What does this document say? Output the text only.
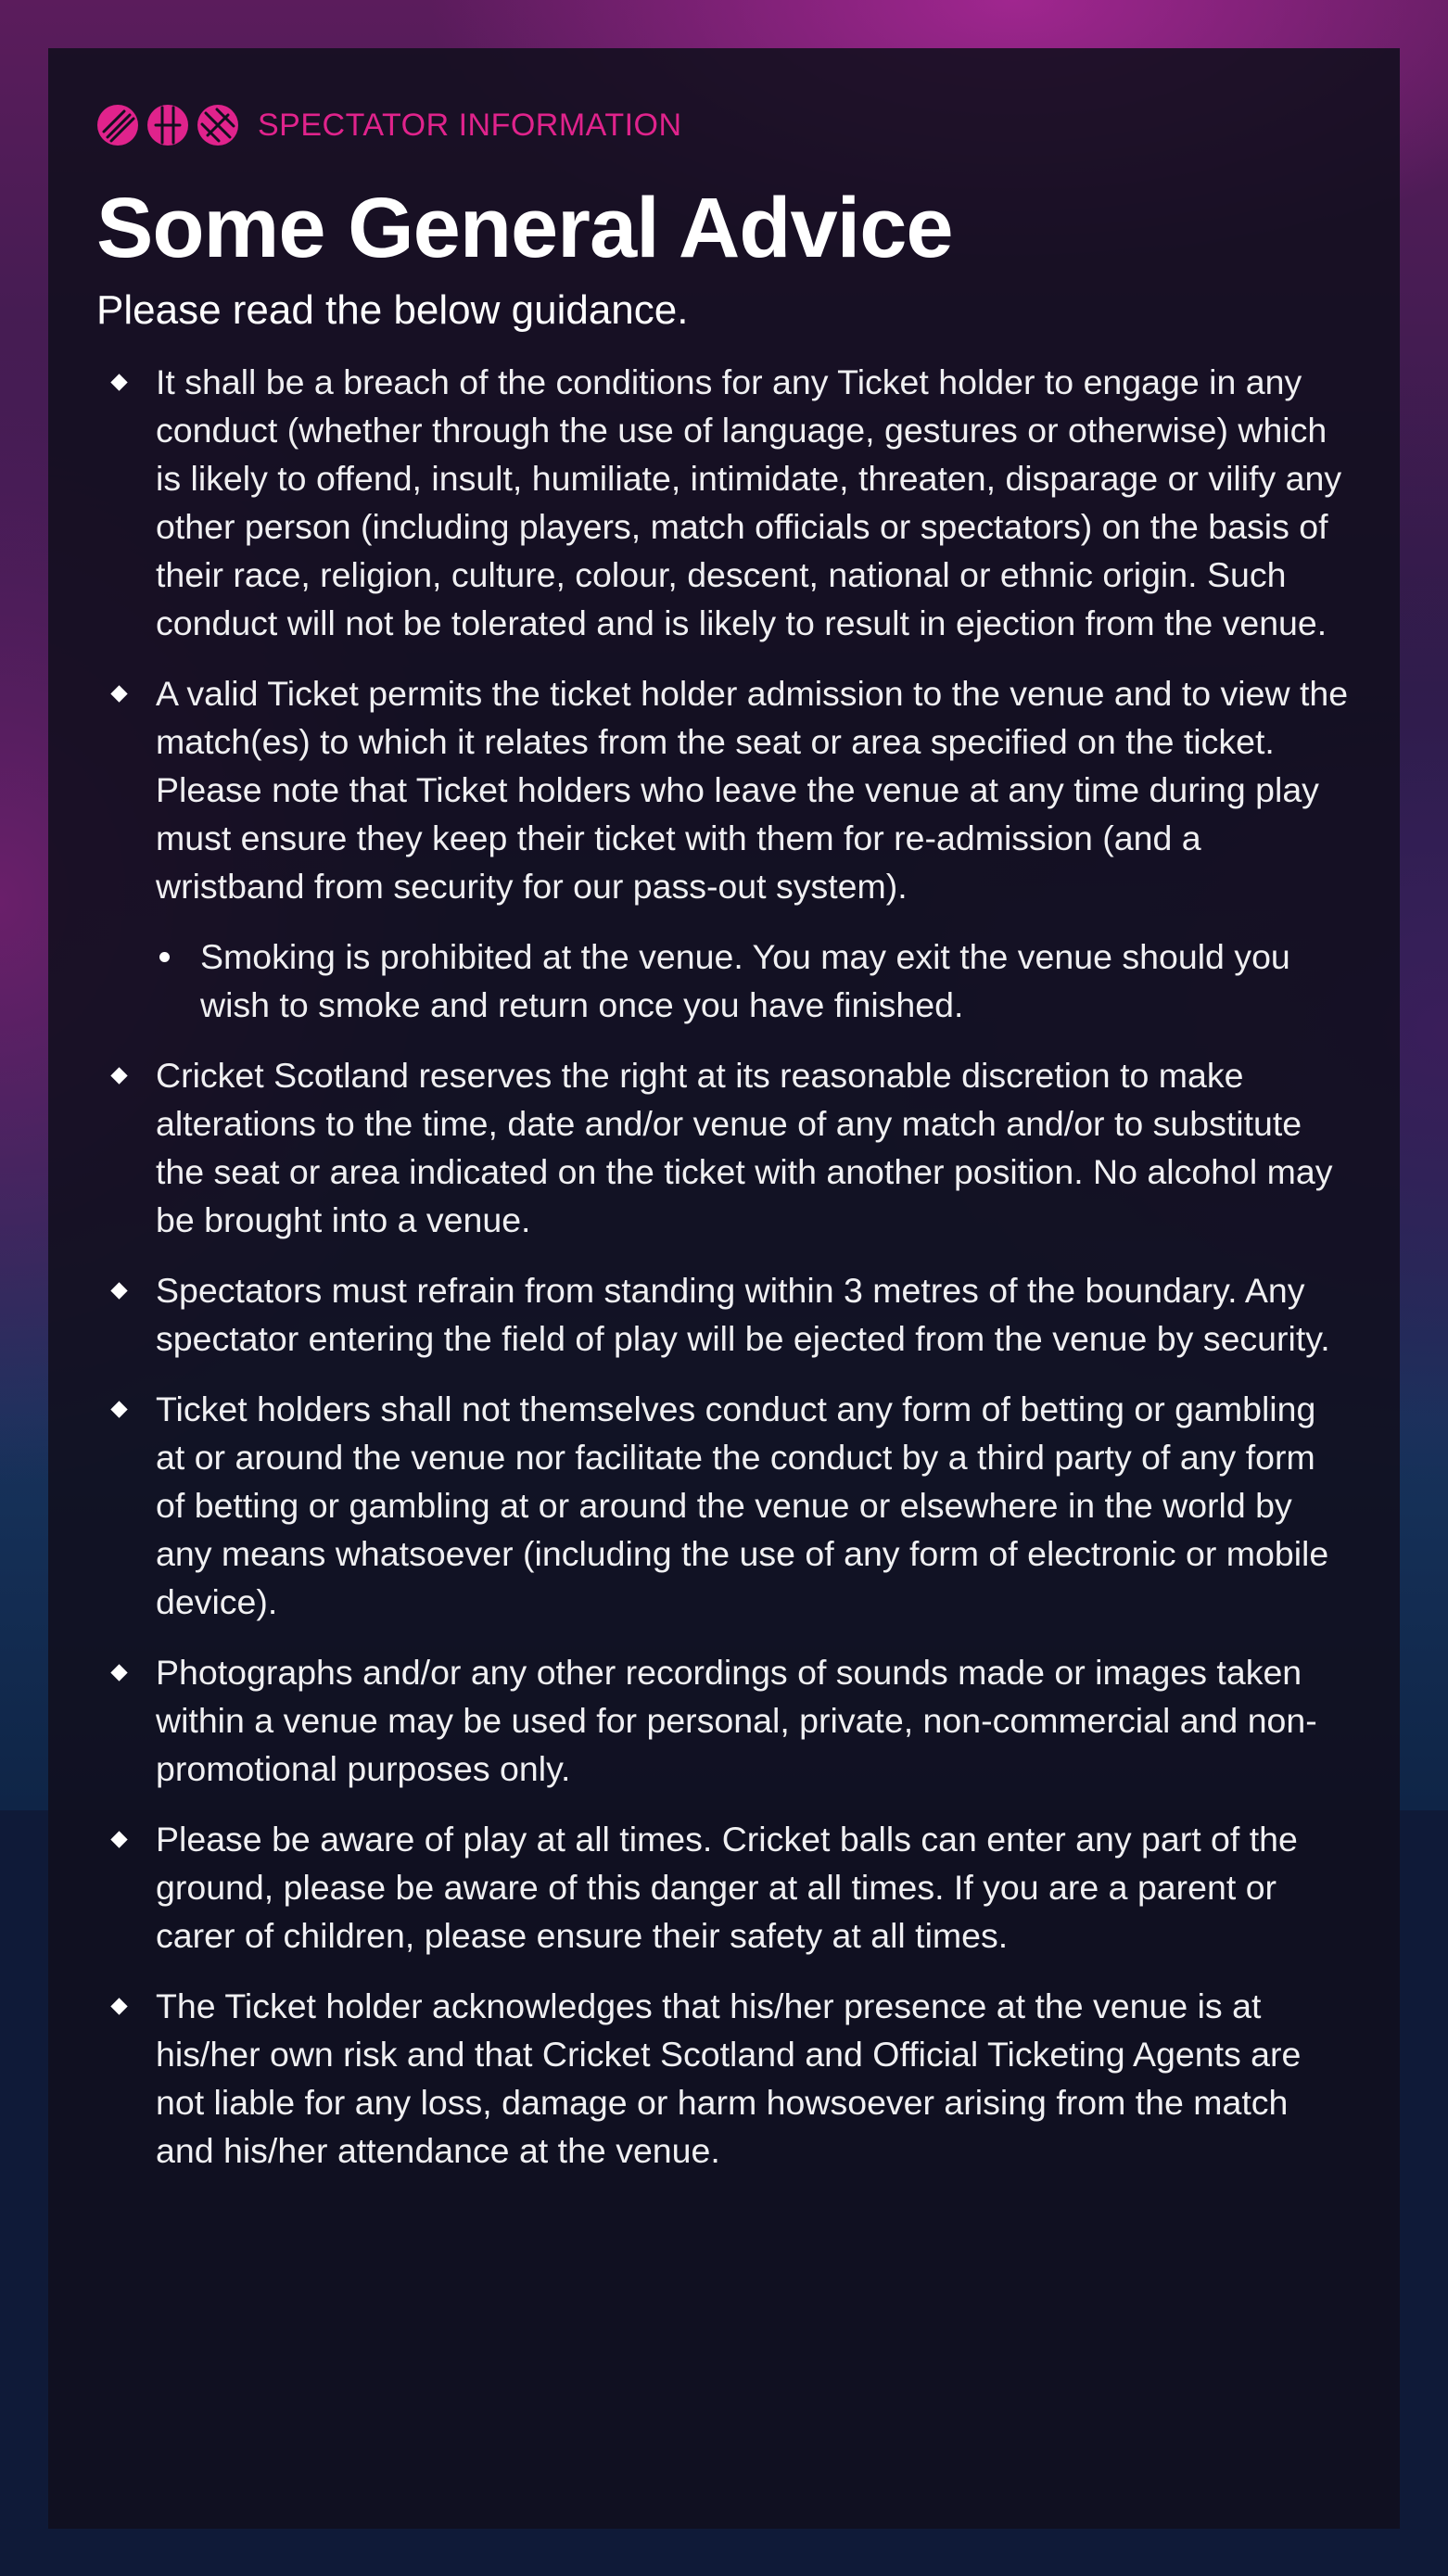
SPECTATOR INFORMATION
Some General Advice

Please read the below guidance.

It shall be a breach of the conditions for any Ticket holder to engage in any conduct (whether through the use of language, gestures or otherwise) which is likely to offend, insult, humiliate, intimidate, threaten, disparage or vilify any other person (including players, match officials or spectators) on the basis of their race, religion, culture, colour, descent, national or ethnic origin. Such conduct will not be tolerated and is likely to result in ejection from the venue.
A valid Ticket permits the ticket holder admission to the venue and to view the match(es) to which it relates from the seat or area specified on the ticket. Please note that Ticket holders who leave the venue at any time during play must ensure they keep their ticket with them for re-admission (and a wristband from security for our pass-out system).
Smoking is prohibited at the venue. You may exit the venue should you wish to smoke and return once you have finished.
Cricket Scotland reserves the right at its reasonable discretion to make alterations to the time, date and/or venue of any match and/or to substitute the seat or area indicated on the ticket with another position. No alcohol may be brought into a venue.
Spectators must refrain from standing within 3 metres of the boundary. Any spectator entering the field of play will be ejected from the venue by security.
Ticket holders shall not themselves conduct any form of betting or gambling at or around the venue nor facilitate the conduct by a third party of any form of betting or gambling at or around the venue or elsewhere in the world by any means whatsoever (including the use of any form of electronic or mobile device).
Photographs and/or any other recordings of sounds made or images taken within a venue may be used for personal, private, non-commercial and non-promotional purposes only.
Please be aware of play at all times. Cricket balls can enter any part of the ground, please be aware of this danger at all times. If you are a parent or carer of children, please ensure their safety at all times.
The Ticket holder acknowledges that his/her presence at the venue is at his/her own risk and that Cricket Scotland and Official Ticketing Agents are not liable for any loss, damage or harm howsoever arising from the match and his/her attendance at the venue.
